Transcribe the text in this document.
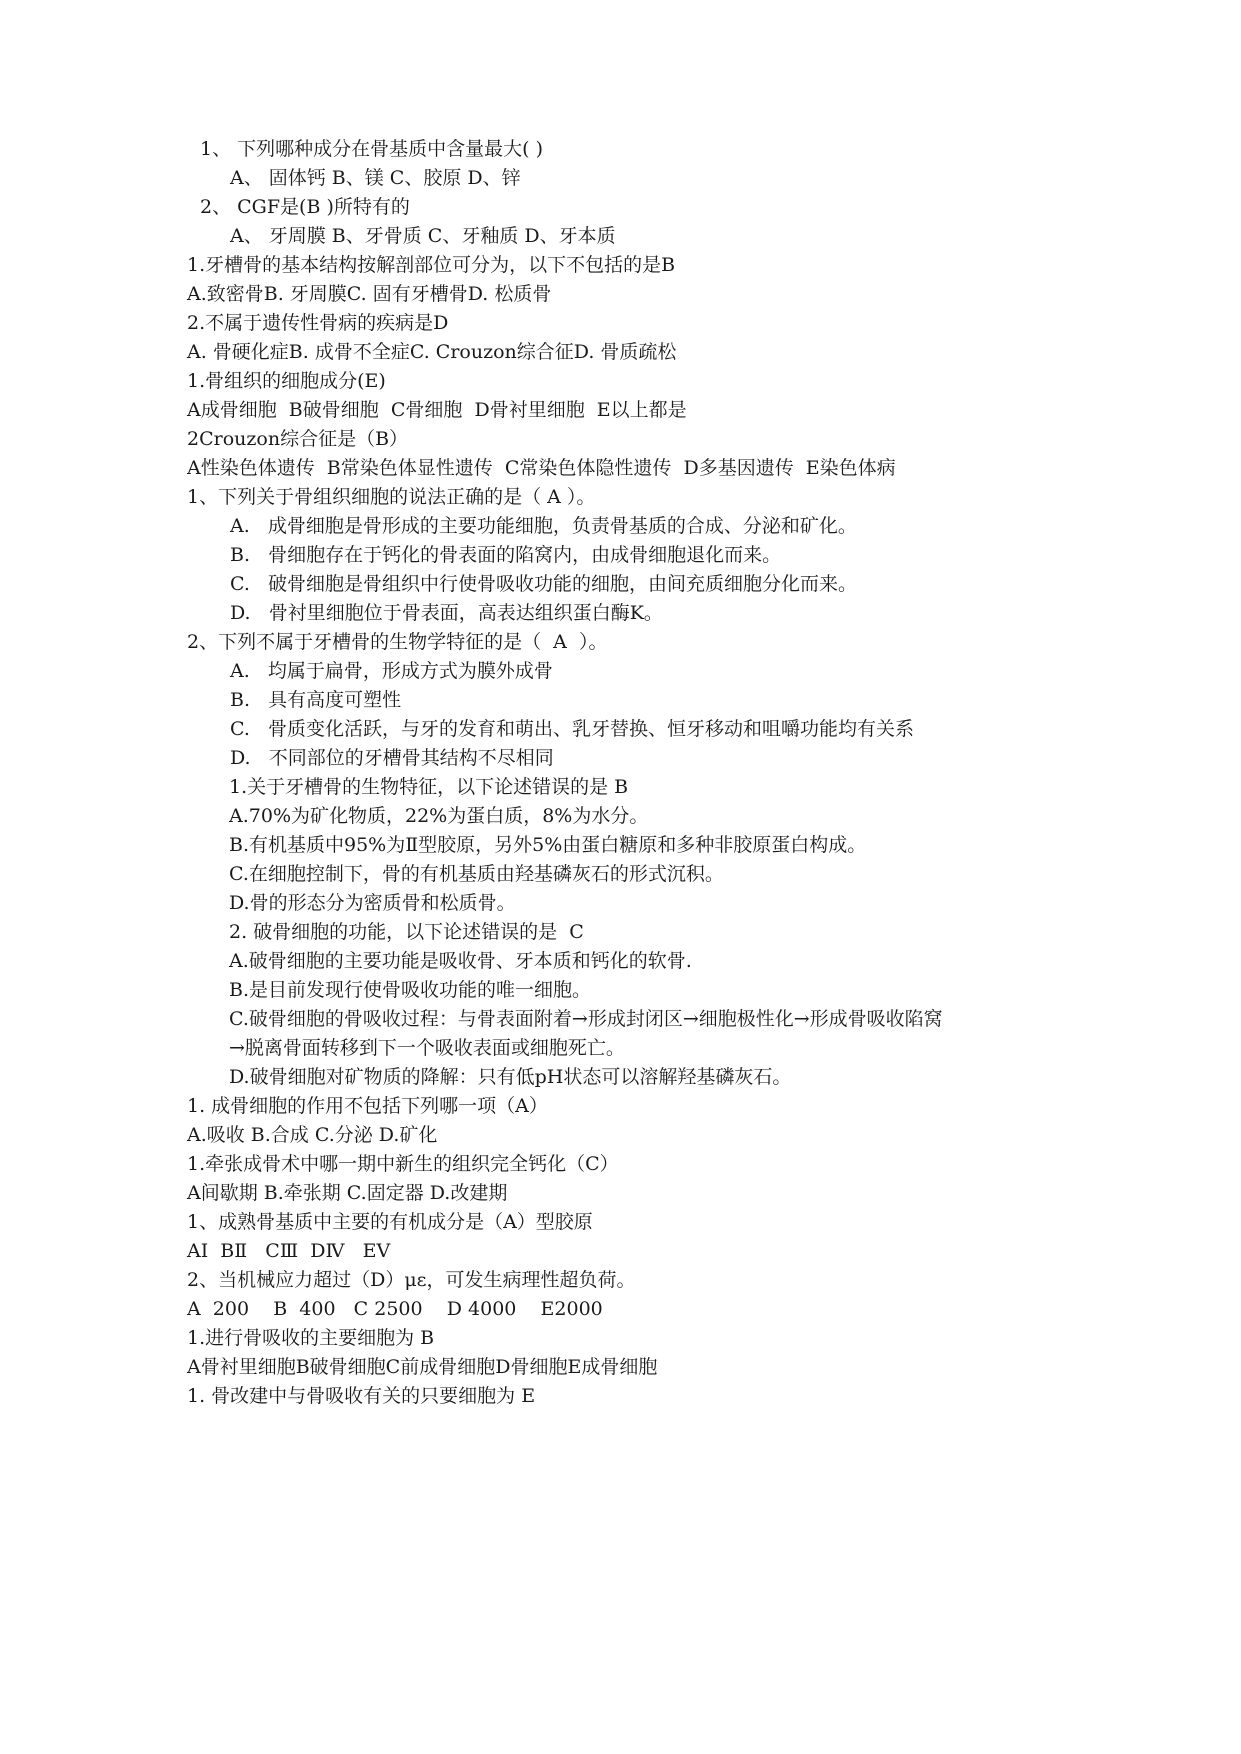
1、 下列哪种成分在骨基质中含量最大( )
A、 固体钙 B、镁 C、胶原 D、锌
2、 CGF是(B )所特有的
A、 牙周膜 B、牙骨质 C、牙釉质 D、牙本质
1.牙槽骨的基本结构按解剖部位可分为，以下不包括的是B
A.致密骨B. 牙周膜C. 固有牙槽骨D. 松质骨
2.不属于遗传性骨病的疾病是D
A. 骨硬化症B. 成骨不全症C. Crouzon综合征D. 骨质疏松
1.骨组织的细胞成分(E)
A成骨细胞  B破骨细胞  C骨细胞  D骨衬里细胞  E以上都是
2Crouzon综合征是（B）
A性染色体遗传  B常染色体显性遗传  C常染色体隐性遗传  D多基因遗传  E染色体病
1、下列关于骨组织细胞的说法正确的是（ A ）。
A.   成骨细胞是骨形成的主要功能细胞，负责骨基质的合成、分泌和矿化。
B.   骨细胞存在于钙化的骨表面的陷窝内，由成骨细胞退化而来。
C.   破骨细胞是骨组织中行使骨吸收功能的细胞，由间充质细胞分化而来。
D.   骨衬里细胞位于骨表面，高表达组织蛋白酶K。
2、下列不属于牙槽骨的生物学特征的是（  A  ）。
A.   均属于扁骨，形成方式为膜外成骨
B.   具有高度可塑性
C.   骨质变化活跃，与牙的发育和萌出、乳牙替换、恒牙移动和咀嚼功能均有关系
D.   不同部位的牙槽骨其结构不尽相同
1.关于牙槽骨的生物特征，以下论述错误的是 B
A.70%为矿化物质，22%为蛋白质，8%为水分。
B.有机基质中95%为Ⅱ型胶原，另外5%由蛋白糖原和多种非胶原蛋白构成。
C.在细胞控制下，骨的有机基质由羟基磷灰石的形式沉积。
D.骨的形态分为密质骨和松质骨。
2. 破骨细胞的功能，以下论述错误的是  C
A.破骨细胞的主要功能是吸收骨、牙本质和钙化的软骨.
B.是目前发现行使骨吸收功能的唯一细胞。
C.破骨细胞的骨吸收过程：与骨表面附着→形成封闭区→细胞极性化→形成骨吸收陷窝
→脱离骨面转移到下一个吸收表面或细胞死亡。
D.破骨细胞对矿物质的降解：只有低pH状态可以溶解羟基磷灰石。
1. 成骨细胞的作用不包括下列哪一项（A）
A.吸收 B.合成 C.分泌 D.矿化
1.牵张成骨术中哪一期中新生的组织完全钙化（C）
A间歇期 B.牵张期 C.固定器 D.改建期
1、成熟骨基质中主要的有机成分是（A）型胶原
AⅠ  BⅡ   CⅢ  DⅣ   EⅤ
2、当机械应力超过（D）με，可发生病理性超负荷。
A  200    B  400   C 2500    D 4000    E2000
1.进行骨吸收的主要细胞为 B
A骨衬里细胞B破骨细胞C前成骨细胞D骨细胞E成骨细胞
1. 骨改建中与骨吸收有关的只要细胞为 E
